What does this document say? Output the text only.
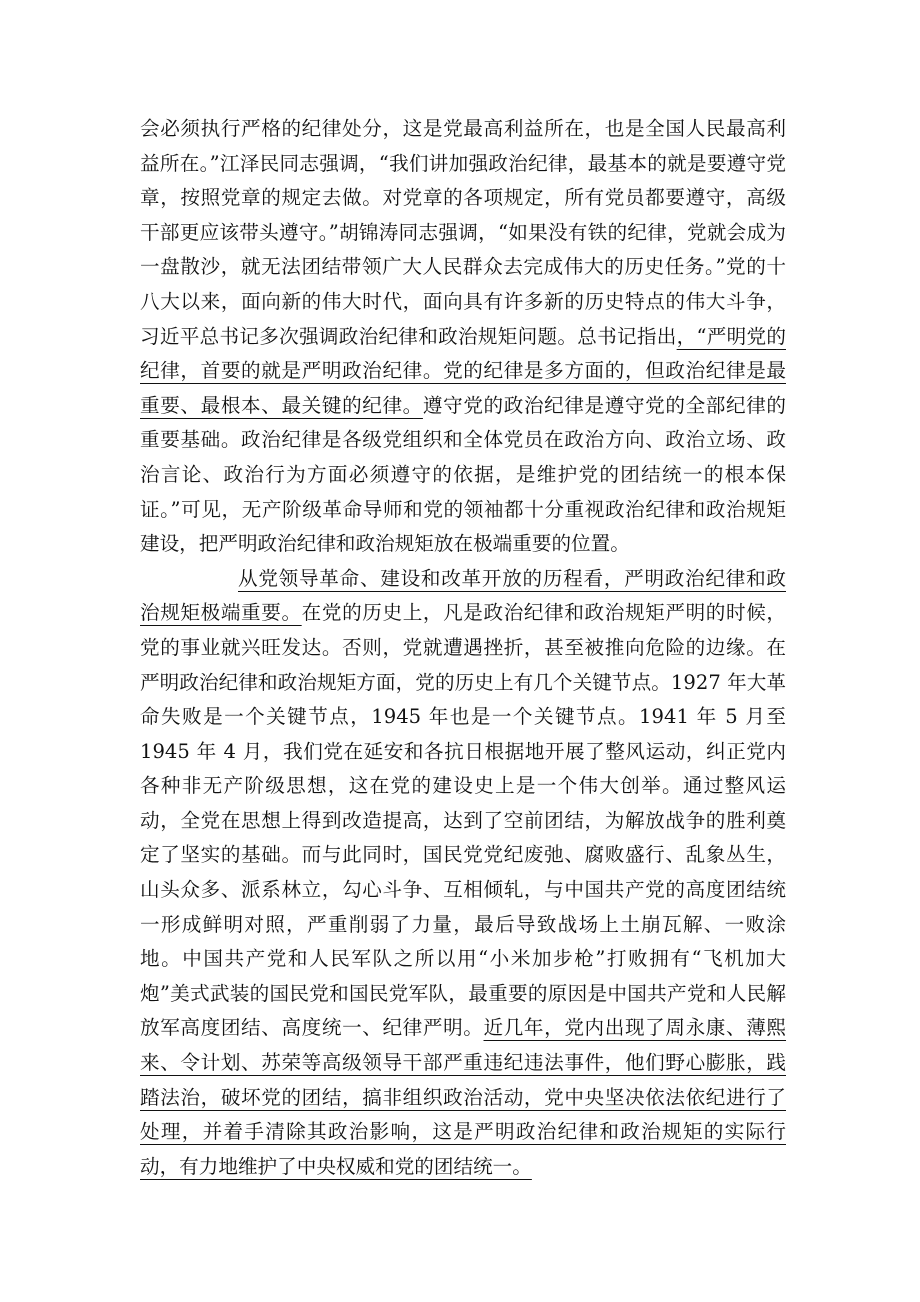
会必须执行严格的纪律处分，这是党最高利益所在，也是全国人民最高利益所在。”江泽民同志强调，“我们讲加强政治纪律，最基本的就是要遵守党章，按照党章的规定去做。对党章的各项规定，所有党员都要遵守，高级干部更应该带头遵守。”胡锦涛同志强调，“如果没有铁的纪律，党就会成为一盘散沙，就无法团结带领广大人民群众去完成伟大的历史任务。”党的十八大以来，面向新的伟大时代，面向具有许多新的历史特点的伟大斗争，习近平总书记多次强调政治纪律和政治规矩问题。总书记指出，“严明党的纪律，首要的就是严明政治纪律。党的纪律是多方面的，但政治纪律是最重要、最根本、最关键的纪律。遵守党的政治纪律是遵守党的全部纪律的重要基础。政治纪律是各级党组织和全体党员在政治方向、政治立场、政治言论、政治行为方面必须遵守的依据，是维护党的团结统一的根本保证。”可见，无产阶级革命导师和党的领袖都十分重视政治纪律和政治规矩建设，把严明政治纪律和政治规矩放在极端重要的位置。

从党领导革命、建设和改革开放的历程看，严明政治纪律和政治规矩极端重要。在党的历史上，凡是政治纪律和政治规矩严明的时候，党的事业就兴旺发达。否则，党就遭遇挫折，甚至被推向危险的边缘。在严明政治纪律和政治规矩方面，党的历史上有几个关键节点。1927 年大革命失败是一个关键节点，1945 年也是一个关键节点。1941 年 5 月至 1945 年 4 月，我们党在延安和各抗日根据地开展了整风运动，纠正党内各种非无产阶级思想，这在党的建设史上是一个伟大创举。通过整风运动，全党在思想上得到改造提高，达到了空前团结，为解放战争的胜利奠定了坚实的基础。而与此同时，国民党党纪废弛、腐败盛行、乱象丛生，山头众多、派系林立，勾心斗争、互相倾轧，与中国共产党的高度团结统一形成鲜明对照，严重削弱了力量，最后导致战场上土崩瓦解、一败涂地。中国共产党和人民军队之所以用“小米加步枪”打败拥有“飞机加大炮”美式武装的国民党和国民党军队，最重要的原因是中国共产党和人民解放军高度团结、高度统一、纪律严明。近几年，党内出现了周永康、薄熙来、令计划、苏荣等高级领导干部严重违纪违法事件，他们野心膨胀，践踏法治，破坏党的团结，搞非组织政治活动，党中央坚决依法依纪进行了处理，并着手清除其政治影响，这是严明政治纪律和政治规矩的实际行动，有力地维护了中央权威和党的团结统一。
